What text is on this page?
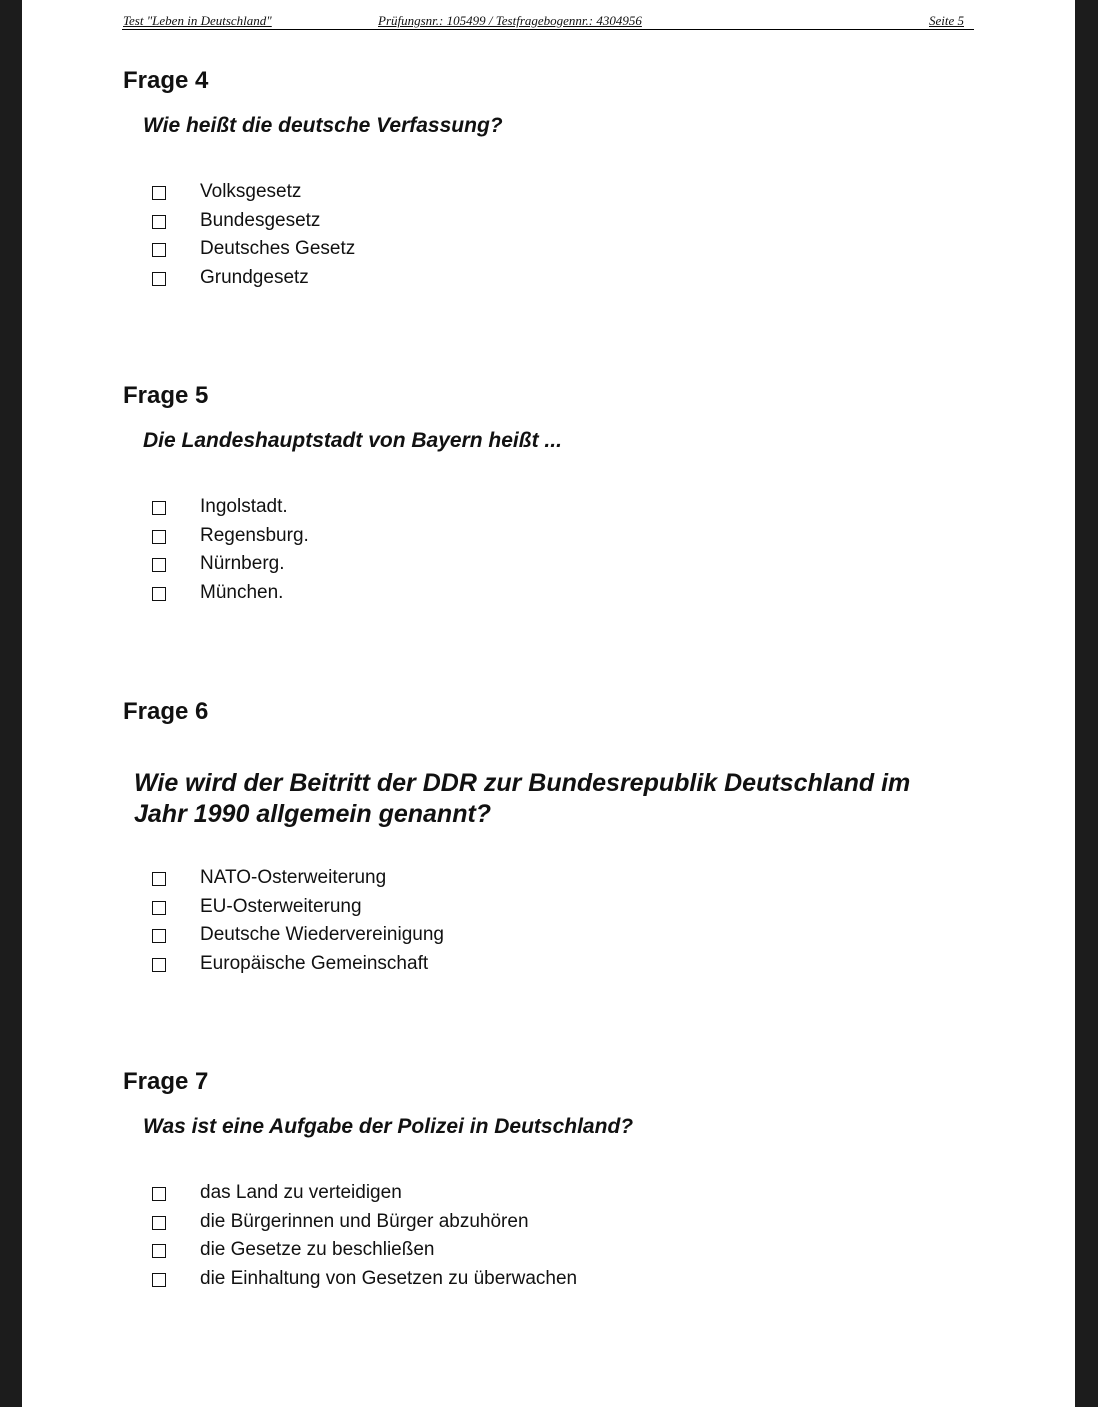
Test "Leben in Deutschland"	Prüfungsnr.: 105499 / Testfragebogennr.: 4304956	Seite 5
Frage 4
Wie heißt die deutsche Verfassung?
Volksgesetz
Bundesgesetz
Deutsches Gesetz
Grundgesetz
Frage 5
Die Landeshauptstadt von Bayern heißt ...
Ingolstadt.
Regensburg.
Nürnberg.
München.
Frage 6
Wie wird der Beitritt der DDR zur Bundesrepublik Deutschland im Jahr 1990 allgemein genannt?
NATO-Osterweiterung
EU-Osterweiterung
Deutsche Wiedervereinigung
Europäische Gemeinschaft
Frage 7
Was ist eine Aufgabe der Polizei in Deutschland?
das Land zu verteidigen
die Bürgerinnen und Bürger abzuhören
die Gesetze zu beschließen
die Einhaltung von Gesetzen zu überwachen
